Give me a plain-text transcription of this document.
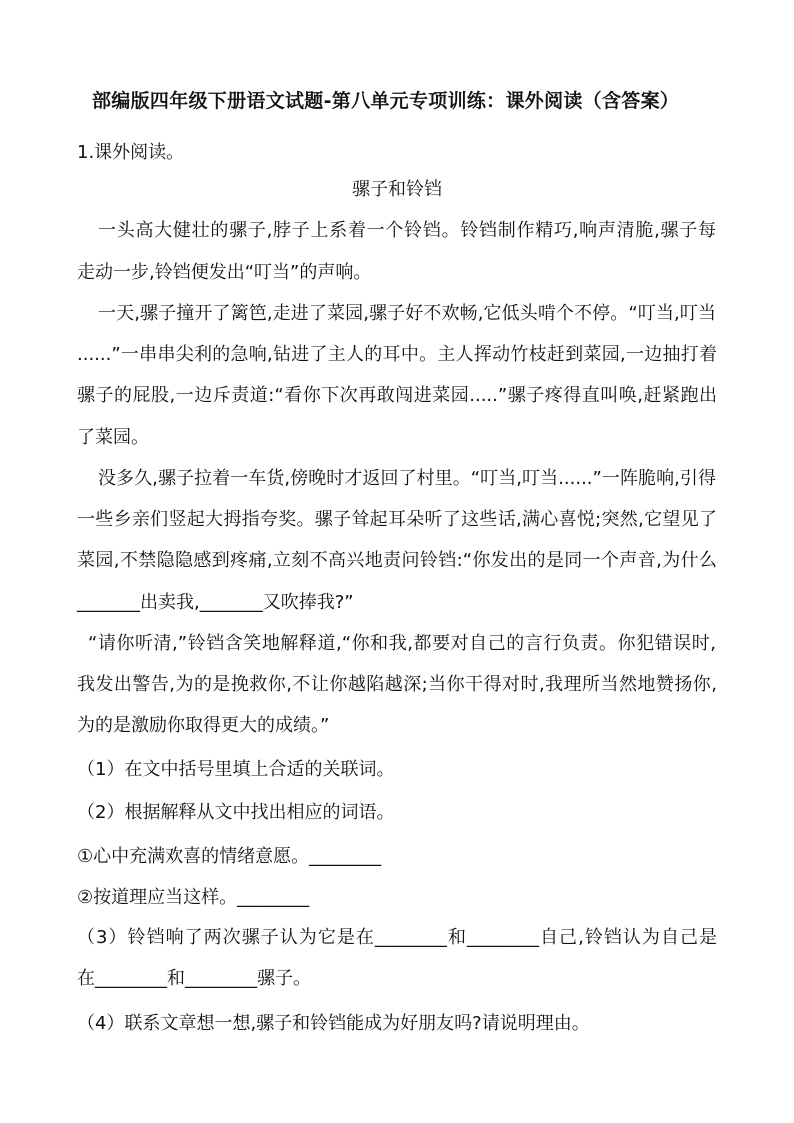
部编版四年级下册语文试题-第八单元专项训练：课外阅读（含答案）
1.课外阅读。
骡子和铃铛
一头高大健壮的骡子,脖子上系着一个铃铛。铃铛制作精巧,响声清脆,骡子每
走动一步,铃铛便发出“叮当”的声响。
一天,骡子撞开了篱笆,走进了菜园,骡子好不欢畅,它低头啃个不停。“叮当,叮当
......”一串串尖利的急响,钻进了主人的耳中。主人挥动竹枝赶到菜园,一边抽打着
骡子的屁股,一边斥责道:“看你下次再敢闯进菜园.....”骡子疼得直叫唤,赶紧跑出
了菜园。
没多久,骡子拉着一车货,傍晚时才返回了村里。“叮当,叮当......”一阵脆响,引得
一些乡亲们竖起大拇指夸奖。骡子耸起耳朵听了这些话,满心喜悦;突然,它望见了
菜园,不禁隐隐感到疼痛,立刻不高兴地责问铃铛:“你发出的是同一个声音,为什么
_______出卖我,_______又吹捧我?”
“请你听清,”铃铛含笑地解释道,“你和我,都要对自己的言行负责。你犯错误时,
我发出警告,为的是挽救你,不让你越陷越深;当你干得对时,我理所当然地赞扬你,
为的是激励你取得更大的成绩。”
（1）在文中括号里填上合适的关联词。
（2）根据解释从文中找出相应的词语。
①心中充满欢喜的情绪意愿。________
②按道理应当这样。________
（3）铃铛响了两次骡子认为它是在________和________自己,铃铛认为自己是
在________和________骡子。
（4）联系文章想一想,骡子和铃铛能成为好朋友吗?请说明理由。
